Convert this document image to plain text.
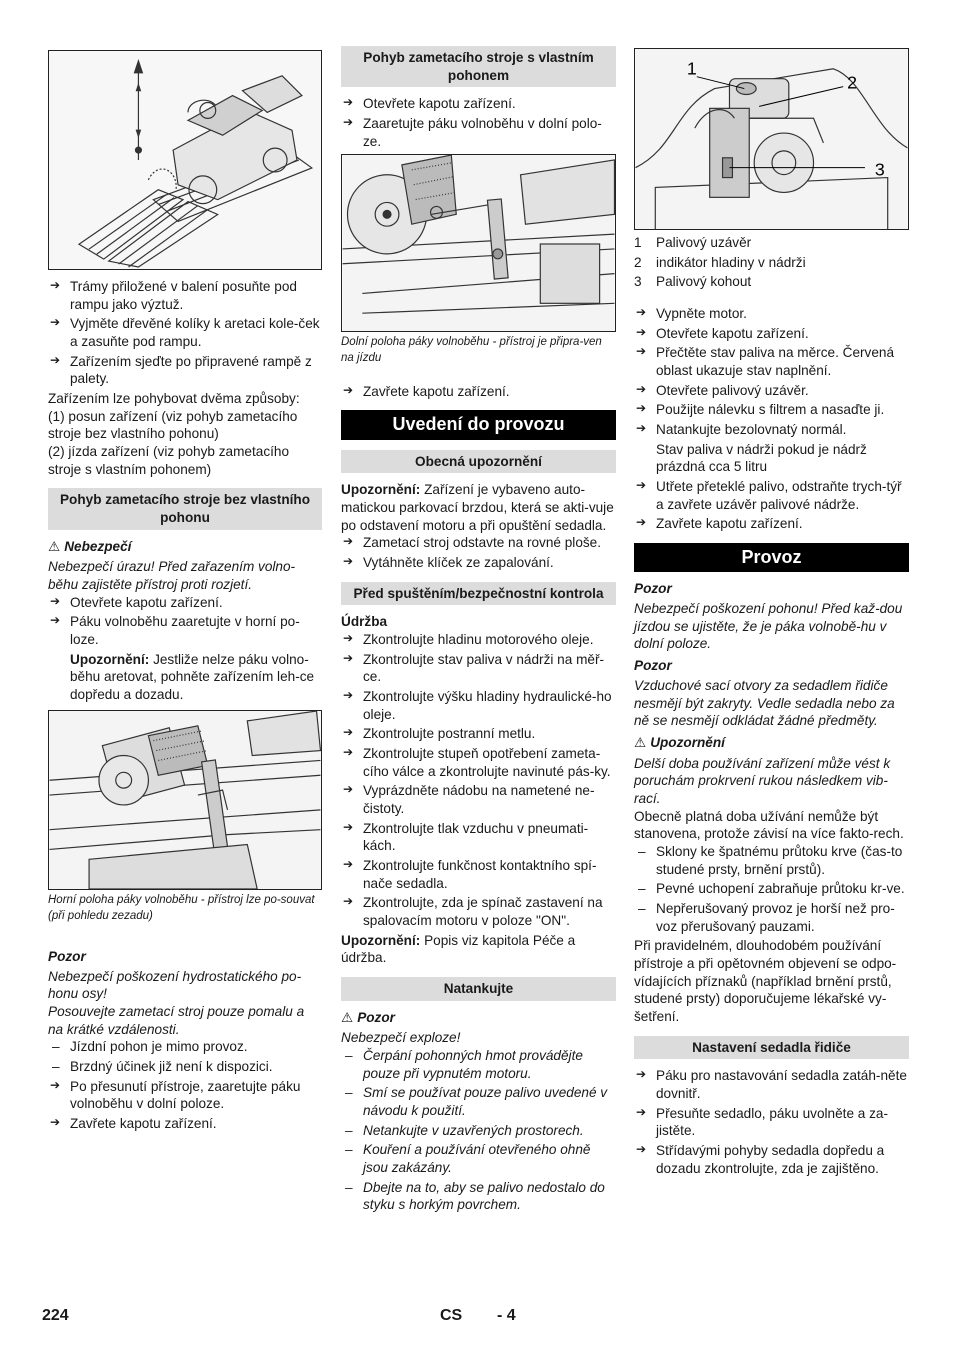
➔ Trámy přiložené v balení posuňte pod rampu jako výztuž.

➔ Vyjměte dřevěné kolíky k aretaci kole-ček a zasuňte pod rampu.

➔ Zařízením sjeďte po připravené rampě z palety.

Zařízením lze pohybovat dvěma způsoby:

(1) posun zařízení (viz pohyb zametacího stroje bez vlastního pohonu)

(2) jízda zařízení (viz pohyb zametacího stroje s vlastním pohonem)

Pohyb zametacího stroje bez vlastního pohonu

⚠ Nebezpečí

Nebezpečí úrazu! Před zařazením volno-běhu zajistěte přístroj proti rozjetí.

➔ Otevřete kapotu zařízení.

➔ Páku volnoběhu zaaretujte v horní po-loze.

Upozornění: Jestliže nelze páku volno-běhu aretovat, pohněte zařízením leh-ce dopředu a dozadu.

Horní poloha páky volnoběhu - přístroj lze po-souvat (při pohledu zezadu)

Pozor

Nebezpečí poškození hydrostatického po-honu osy!

Posouvejte zametací stroj pouze pomalu a na krátké vzdálenosti.

– Jízdní pohon je mimo provoz.

– Brzdný účinek již není k dispozici.

➔ Po přesunutí přístroje, zaaretujte páku volnoběhu v dolní poloze.

➔ Zavřete kapotu zařízení.

Pohyb zametacího stroje s vlastním pohonem

➔ Otevřete kapotu zařízení.

➔ Zaaretujte páku volnoběhu v dolní polo-ze.

Dolní poloha páky volnoběhu - přístroj je připra-ven na jízdu

➔ Zavřete kapotu zařízení.

Uvedení do provozu
Obecná upozornění

Upozornění: Zařízení je vybaveno auto-matickou parkovací brzdou, která se akti-vuje po odstavení motoru a při opuštění sedadla.

➔ Zametací stroj odstavte na rovné ploše.

➔ Vytáhněte klíček ze zapalování.

Před spuštěním/bezpečnostní kontrola

Údržba

➔ Zkontrolujte hladinu motorového oleje.

➔ Zkontrolujte stav paliva v nádrži na měř-ce.

➔ Zkontrolujte výšku hladiny hydraulické-ho oleje.

➔ Zkontrolujte postranní metlu.

➔ Zkontrolujte stupeň opotřebení zameta-cího válce a zkontrolujte navinuté pás-ky.

➔ Vyprázdněte nádobu na nametené ne-čistoty.

➔ Zkontrolujte tlak vzduchu v pneumati-kách.

➔ Zkontrolujte funkčnost kontaktního spí-nače sedadla.

➔ Zkontrolujte, zda je spínač zastavení na spalovacím motoru v poloze "ON".

Upozornění: Popis viz kapitola Péče a údržba.

Natankujte

⚠ Pozor

Nebezpečí exploze!

– Čerpání pohonných hmot provádějte pouze při vypnutém motoru.

– Smí se používat pouze palivo uvedené v návodu k použití.

– Netankujte v uzavřených prostorech.

– Kouření a používání otevřeného ohně jsou zakázány.

– Dbejte na to, aby se palivo nedostalo do styku s horkým povrchem.

1
2
3

1 Palivový uzávěr

2 indikátor hladiny v nádrži

3 Palivový kohout

➔ Vypněte motor.

➔ Otevřete kapotu zařízení.

➔ Přečtěte stav paliva na měrce. Červená oblast ukazuje stav naplnění.

➔ Otevřete palivový uzávěr.

➔ Použijte nálevku s filtrem a nasaďte ji.

➔ Natankujte bezolovnatý normál.

Stav paliva v nádrži pokud je nádrž prázdná cca 5 litru

➔ Utřete přeteklé palivo, odstraňte trych-týř a zavřete uzávěr palivové nádrže.

➔ Zavřete kapotu zařízení.

Provoz

Pozor

Nebezpečí poškození pohonu! Před kaž-dou jízdou se ujistěte, že je páka volnobě-hu v dolní poloze.

Pozor

Vzduchové sací otvory za sedadlem řidiče nesmějí být zakryty. Vedle sedadla nebo za ně se nesmějí odkládat žádné předměty.

⚠ Upozornění

Delší doba používání zařízení může vést k poruchám prokrvení rukou následkem vib-rací.

Obecně platná doba užívání nemůže být stanovena, protože závisí na více fakto-rech.

– Sklony ke špatnému průtoku krve (čas-to studené prsty, brnění prstů).

– Pevné uchopení zabraňuje průtoku kr-ve.

– Nepřerušovaný provoz je horší než pro-voz přerušovaný pauzami.

Při pravidelném, dlouhodobém používání přístroje a při opětovném objevení se odpo-vídajících příznaků (například brnění prstů, studené prsty) doporučujeme lékařské vy-šetření.

Nastavení sedadla řidiče

➔ Páku pro nastavování sedadla zatáh-něte dovnitř.

➔ Přesuňte sedadlo, páku uvolněte a za-jistěte.

➔ Střídavými pohyby sedadla dopředu a dozadu zkontrolujte, zda je zajištěno.

224	CS - 4
